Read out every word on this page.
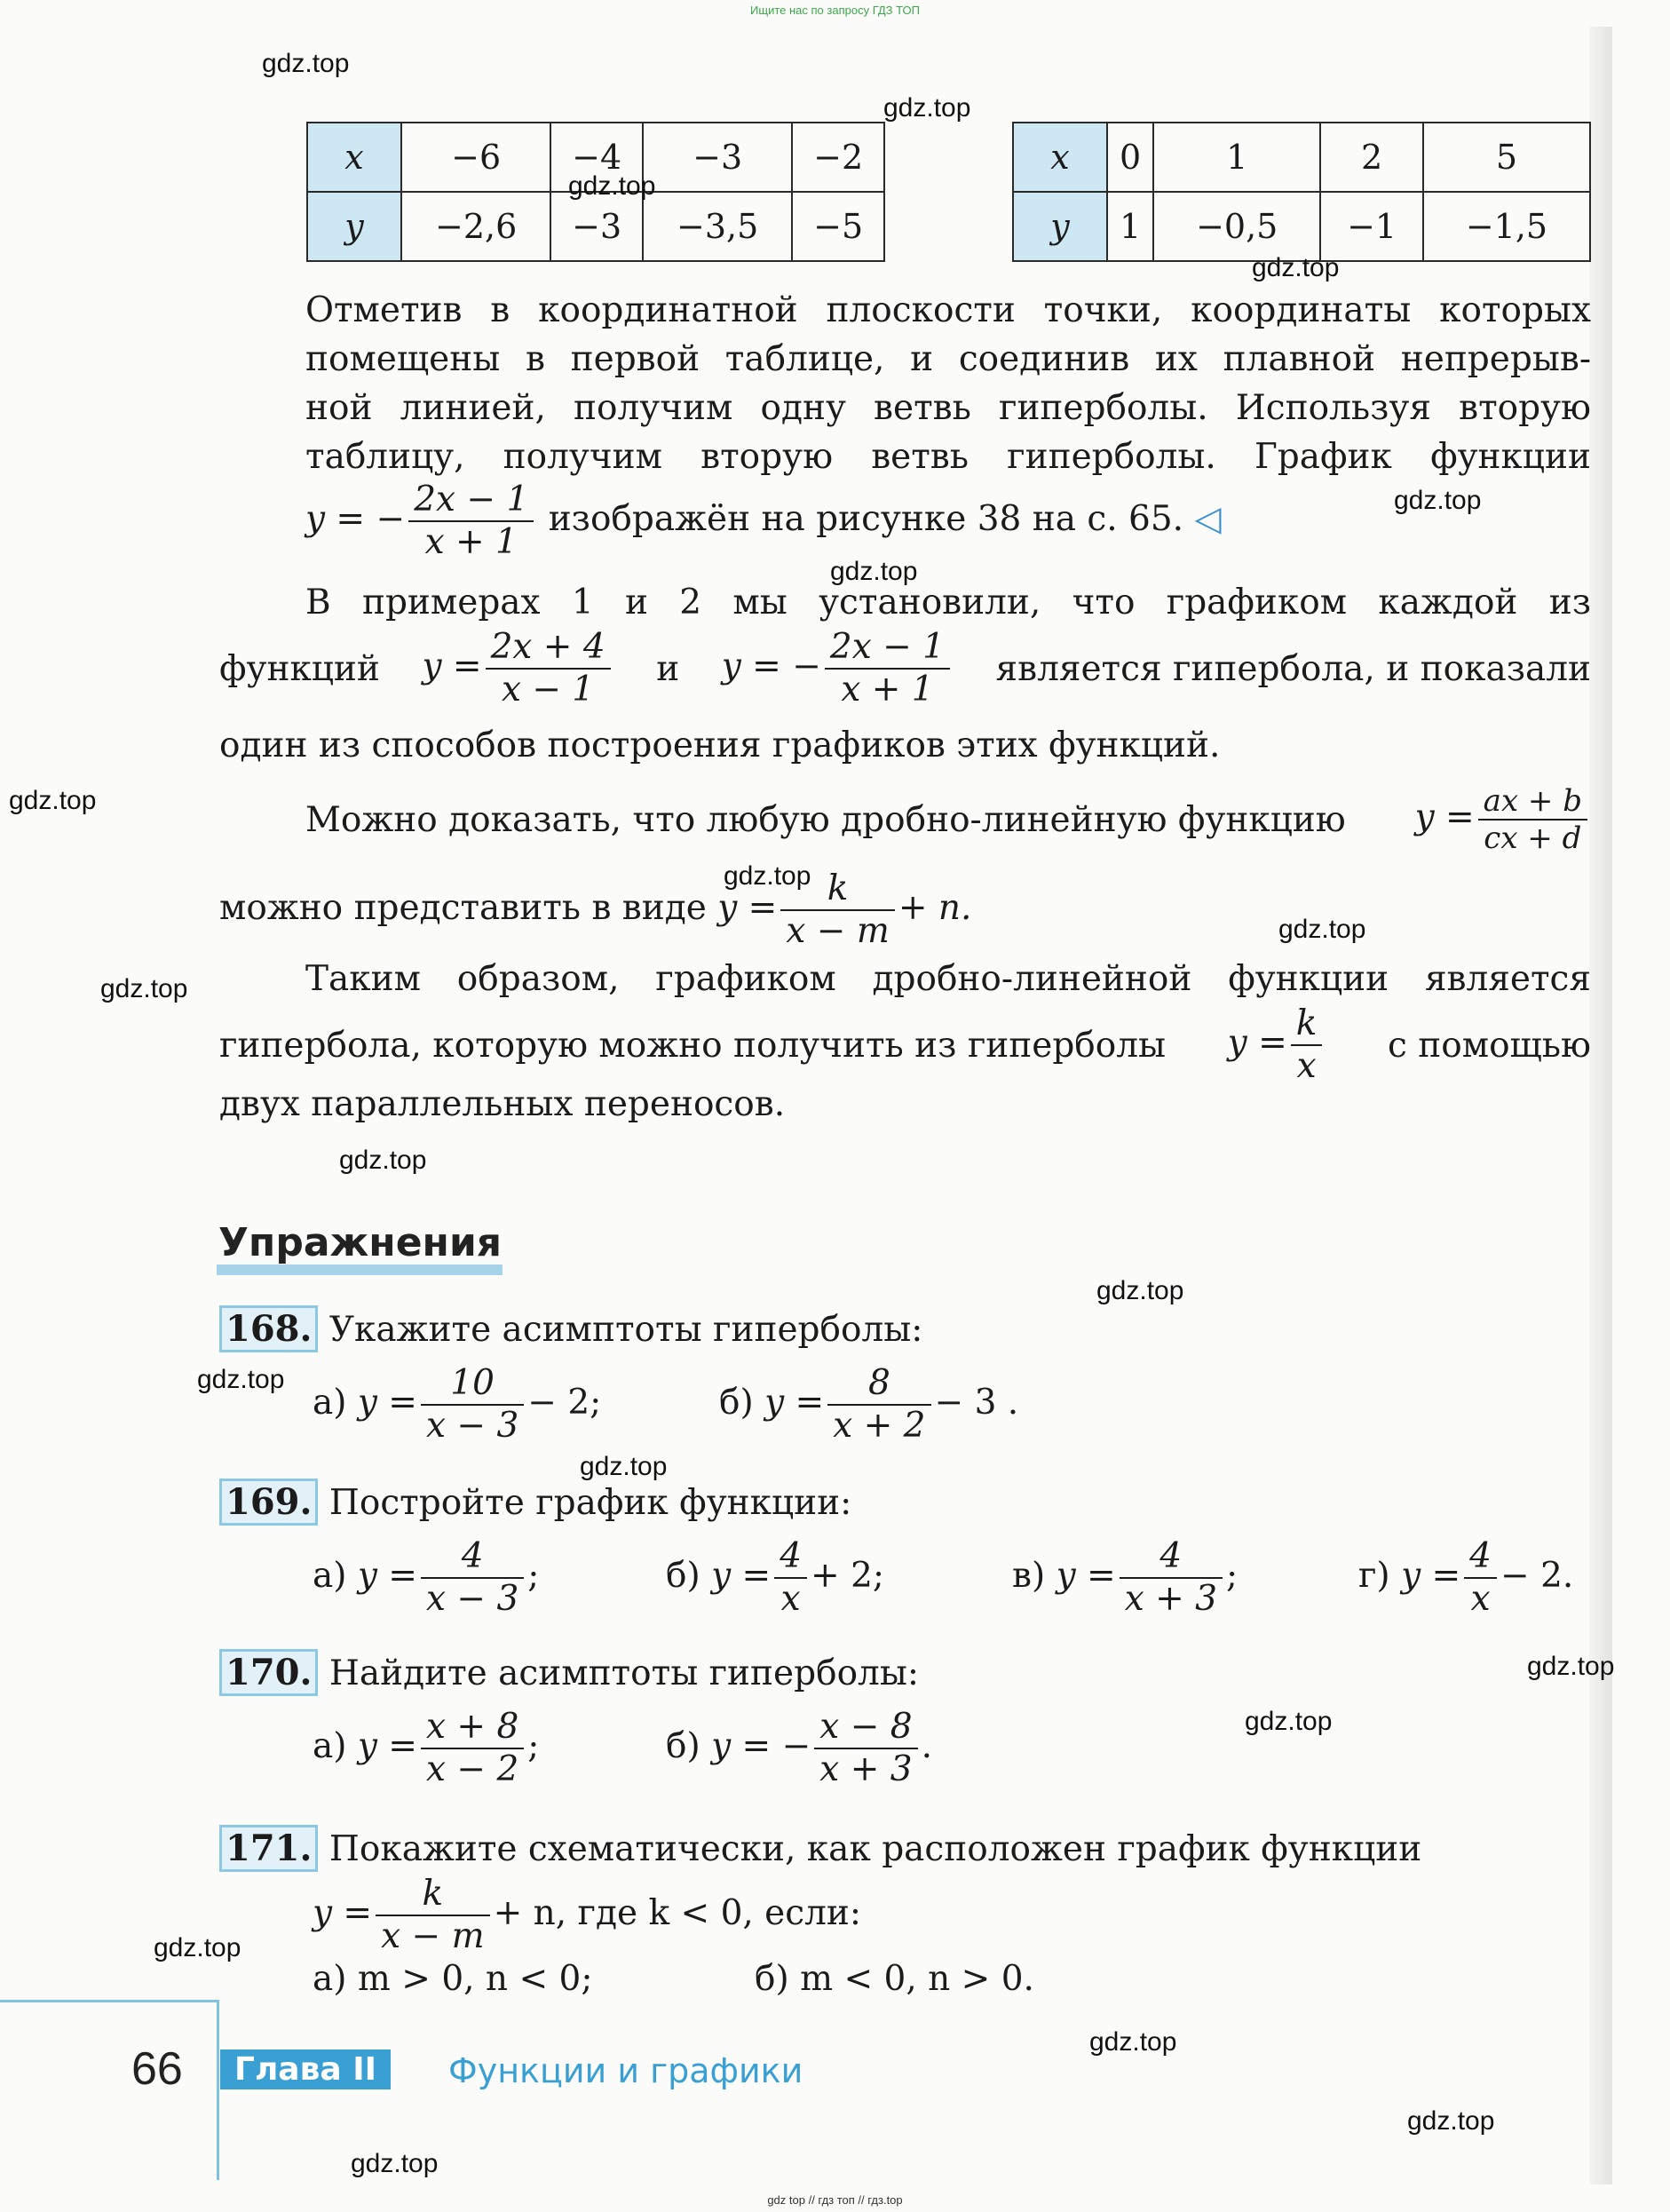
Ищите нас по запросу ГДЗ ТОП
x	−6	−4	−3	−2
y	−2,6	−3	−3,5	−5
x	0	1	2	5
y	1	−0,5	−1	−1,5
Отметив в координатной плоскости точки, координаты которых
помещены в первой таблице, и соединив их плавной непрерыв-
ной линией, получим одну ветвь гиперболы. Используя вторую
таблицу, получим вторую ветвь гиперболы. График функции
y = − $\frac{2x - 1}{x + 1}$ изображён на рисунке 38 на с. 65. ◁
В примерах 1 и 2 мы установили, что графиком каждой из
функций $y = \frac{2x + 4}{x - 1}$ и y = − $\frac{2x - 1}{x + 1}$ является гипербола, и показали
один из способов построения графиков этих функций.
Можно доказать, что любую дробно-линейную функцию $y = \frac{ax + b}{cx + d}$
можно представить в виде $y = \frac{k}{x - m} + n$.
Таким образом, графиком дробно-линейной функции является
гипербола, которую можно получить из гиперболы $y = \frac{k}{x}$ с помощью
двух параллельных переносов.
Упражнения
168. Укажите асимптоты гиперболы:
а) $y = \frac{10}{x - 3} - 2$;	б) $y = \frac{8}{x + 2} - 3$ .
169. Постройте график функции:
а) $y = \frac{4}{x - 3}$ ;	б) $y = \frac{4}{x} + 2$;	в) $y = \frac{4}{x + 3}$ ;	г) $y = \frac{4}{x} - 2$.
170. Найдите асимптоты гиперболы:
а) $y = \frac{x + 8}{x - 2}$ ;	б) y = − $\frac{x - 8}{x + 3}$ .
171. Покажите схематически, как расположен график функции
$y = \frac{k}{x - m} + n$, где k < 0, если:
а) m > 0, n < 0;	б) m < 0, n > 0.
66	Глава II	Функции и графики
gdz.top
gdz.top
gdz.top
gdz.top
gdz.top
gdz.top
gdz.top
gdz.top
gdz.top
gdz.top
gdz.top
gdz.top
gdz.top
gdz.top
gdz.top
gdz.top
gdz.top
gdz.top
gdz.top
gdz.top
gdz top // гдз топ // гдз.top
